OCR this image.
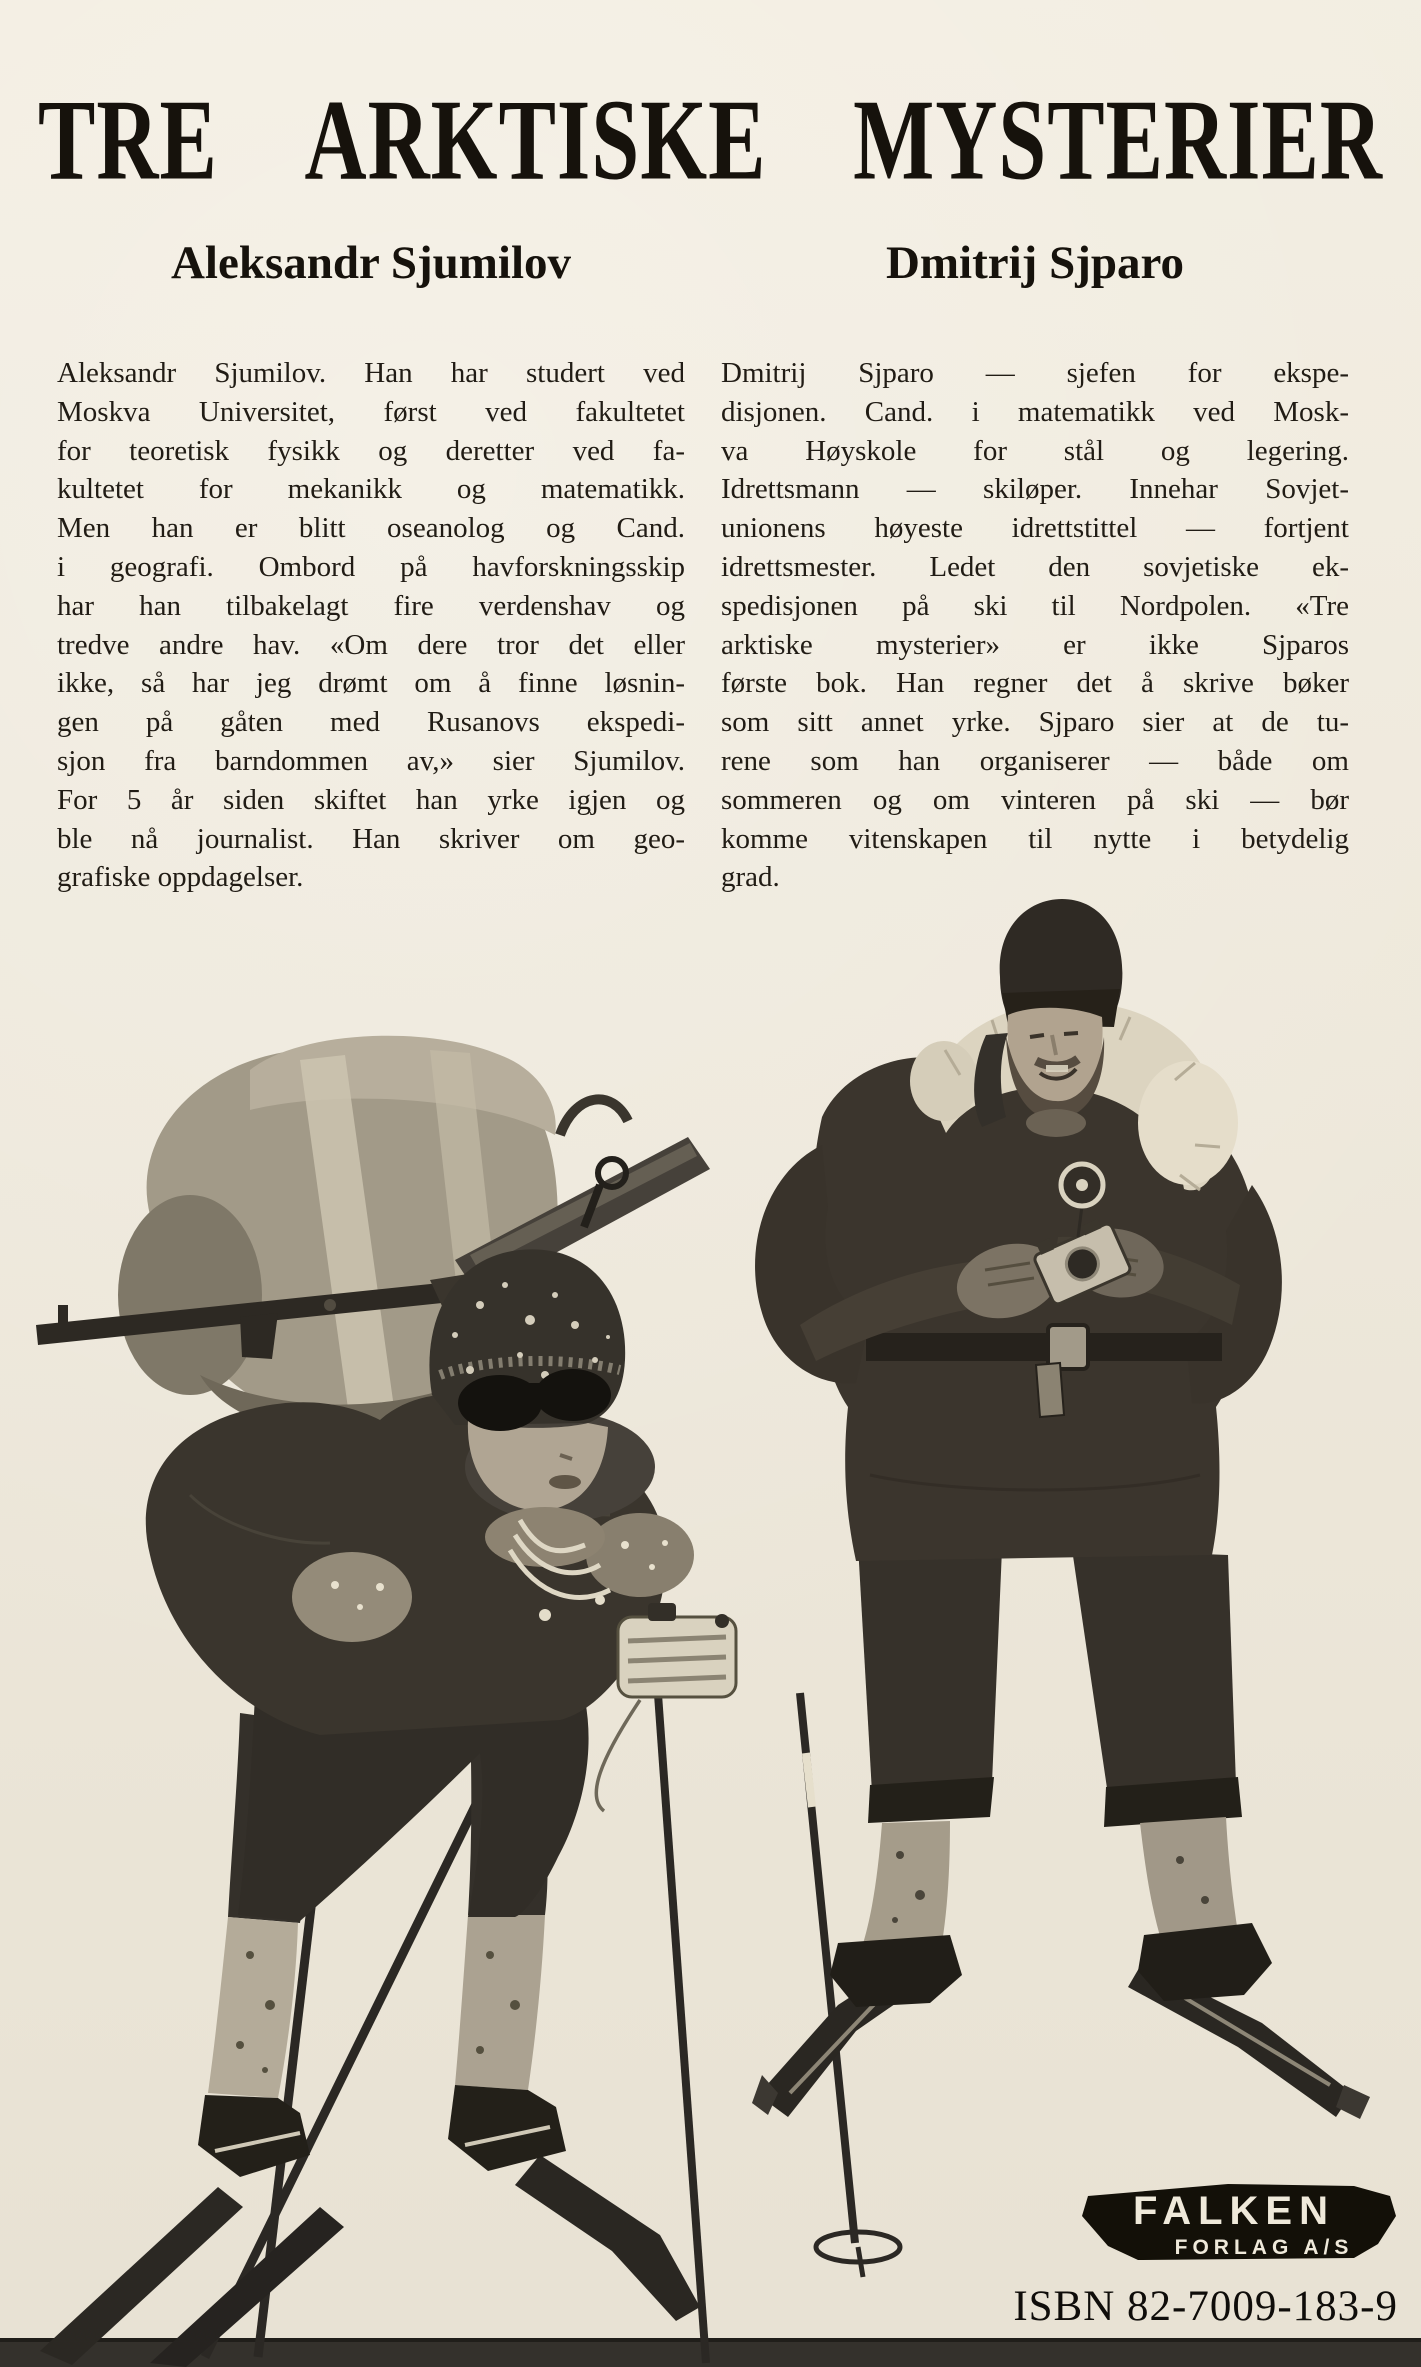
TRE ARKTISKE MYSTERIER
Aleksandr Sjumilov
Aleksandr Sjumilov. Han har studert ved
Moskva Universitet, først ved fakultetet
for teoretisk fysikk og deretter ved fa-
kultetet for mekanikk og matematikk.
Men han er blitt oseanolog og Cand.
i geografi. Ombord på havforskningsskip
har han tilbakelagt fire verdenshav og
tredve andre hav. «Om dere tror det eller
ikke, så har jeg drømt om å finne løsnin-
gen på gåten med Rusanovs ekspedi-
sjon fra barndommen av,» sier Sjumilov.
For 5 år siden skiftet han yrke igjen og
ble nå journalist. Han skriver om geo-
grafiske oppdagelser.
Dmitrij Sjparo
Dmitrij Sjparo — sjefen for ekspe-
disjonen. Cand. i matematikk ved Mosk-
va Høyskole for stål og legering.
Idrettsmann — skiløper. Innehar Sovjet-
unionens høyeste idrettstittel — fortjent
idrettsmester. Ledet den sovjetiske ek-
spedisjonen på ski til Nordpolen. «Tre
arktiske mysterier» er ikke Sjparos
første bok. Han regner det å skrive bøker
som sitt annet yrke. Sjparo sier at de tu-
rene som han organiserer — både om
sommeren og om vinteren på ski — bør
komme vitenskapen til nytte i betydelig
grad.
FALKEN
FORLAG A/S
ISBN 82-7009-183-9
